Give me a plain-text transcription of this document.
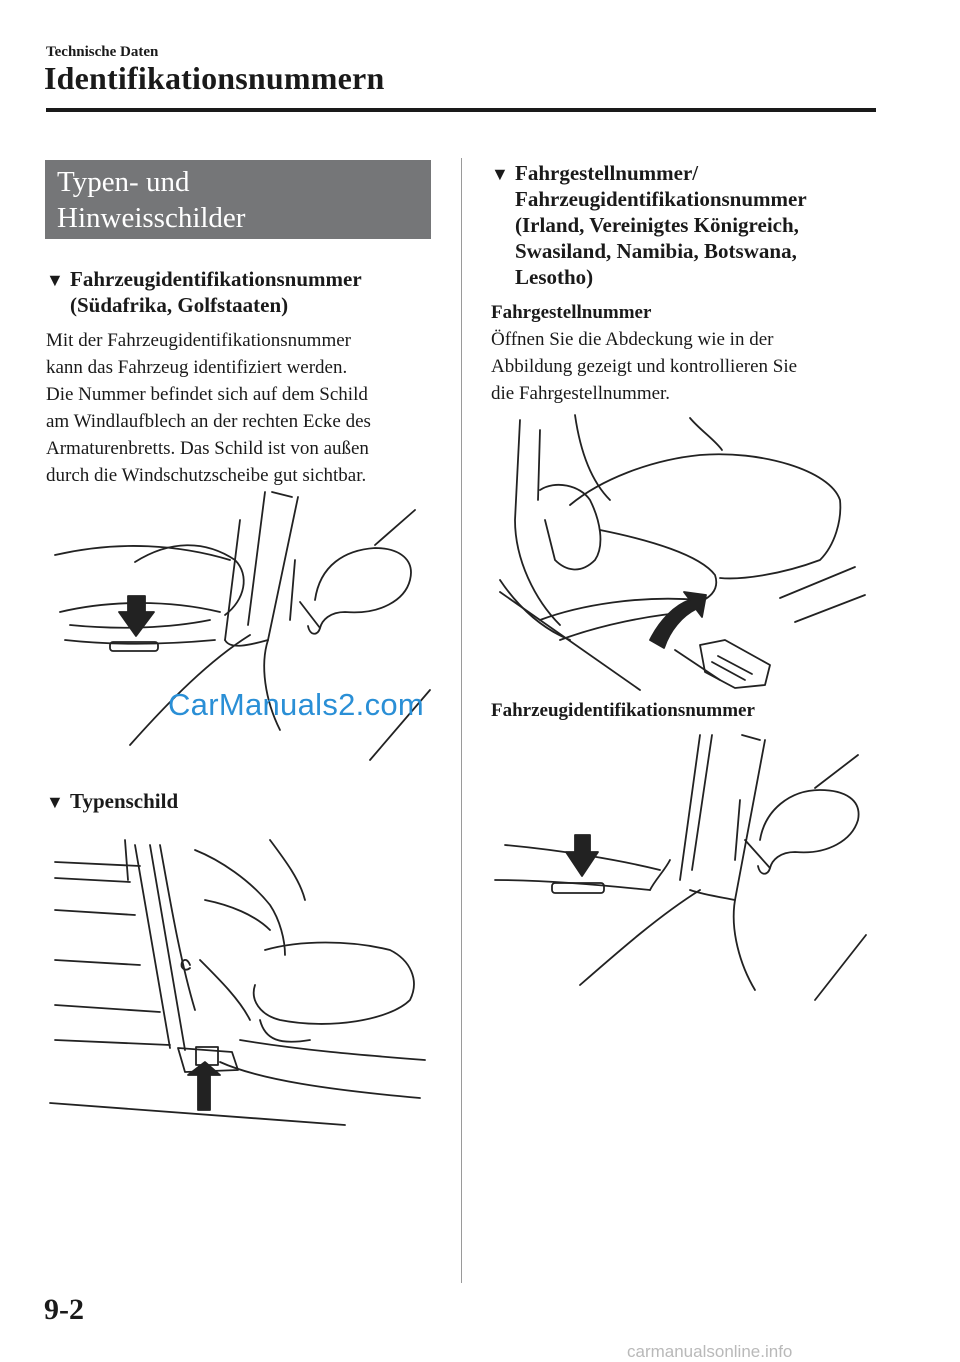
Technische Daten
Identifikationsnummern
Typen- und
Hinweisschilder
▼ Fahrzeugidentifikationsnummer
(Südafrika, Golfstaaten)
Mit der Fahrzeugidentifikationsnummer
kann das Fahrzeug identifiziert werden.
Die Nummer befindet sich auf dem Schild
am Windlaufblech an der rechten Ecke des
Armaturenbretts. Das Schild ist von außen
durch die Windschutzscheibe gut sichtbar.
CarManuals2.com
▼ Typenschild
▼ Fahrgestellnummer/
Fahrzeugidentifikationsnummer
(Irland, Vereinigtes Königreich,
Swasiland, Namibia, Botswana,
Lesotho)
Fahrgestellnummer
Öffnen Sie die Abdeckung wie in der
Abbildung gezeigt und kontrollieren Sie
die Fahrgestellnummer.
Fahrzeugidentifikationsnummer
9-2
carmanualsonline.info
